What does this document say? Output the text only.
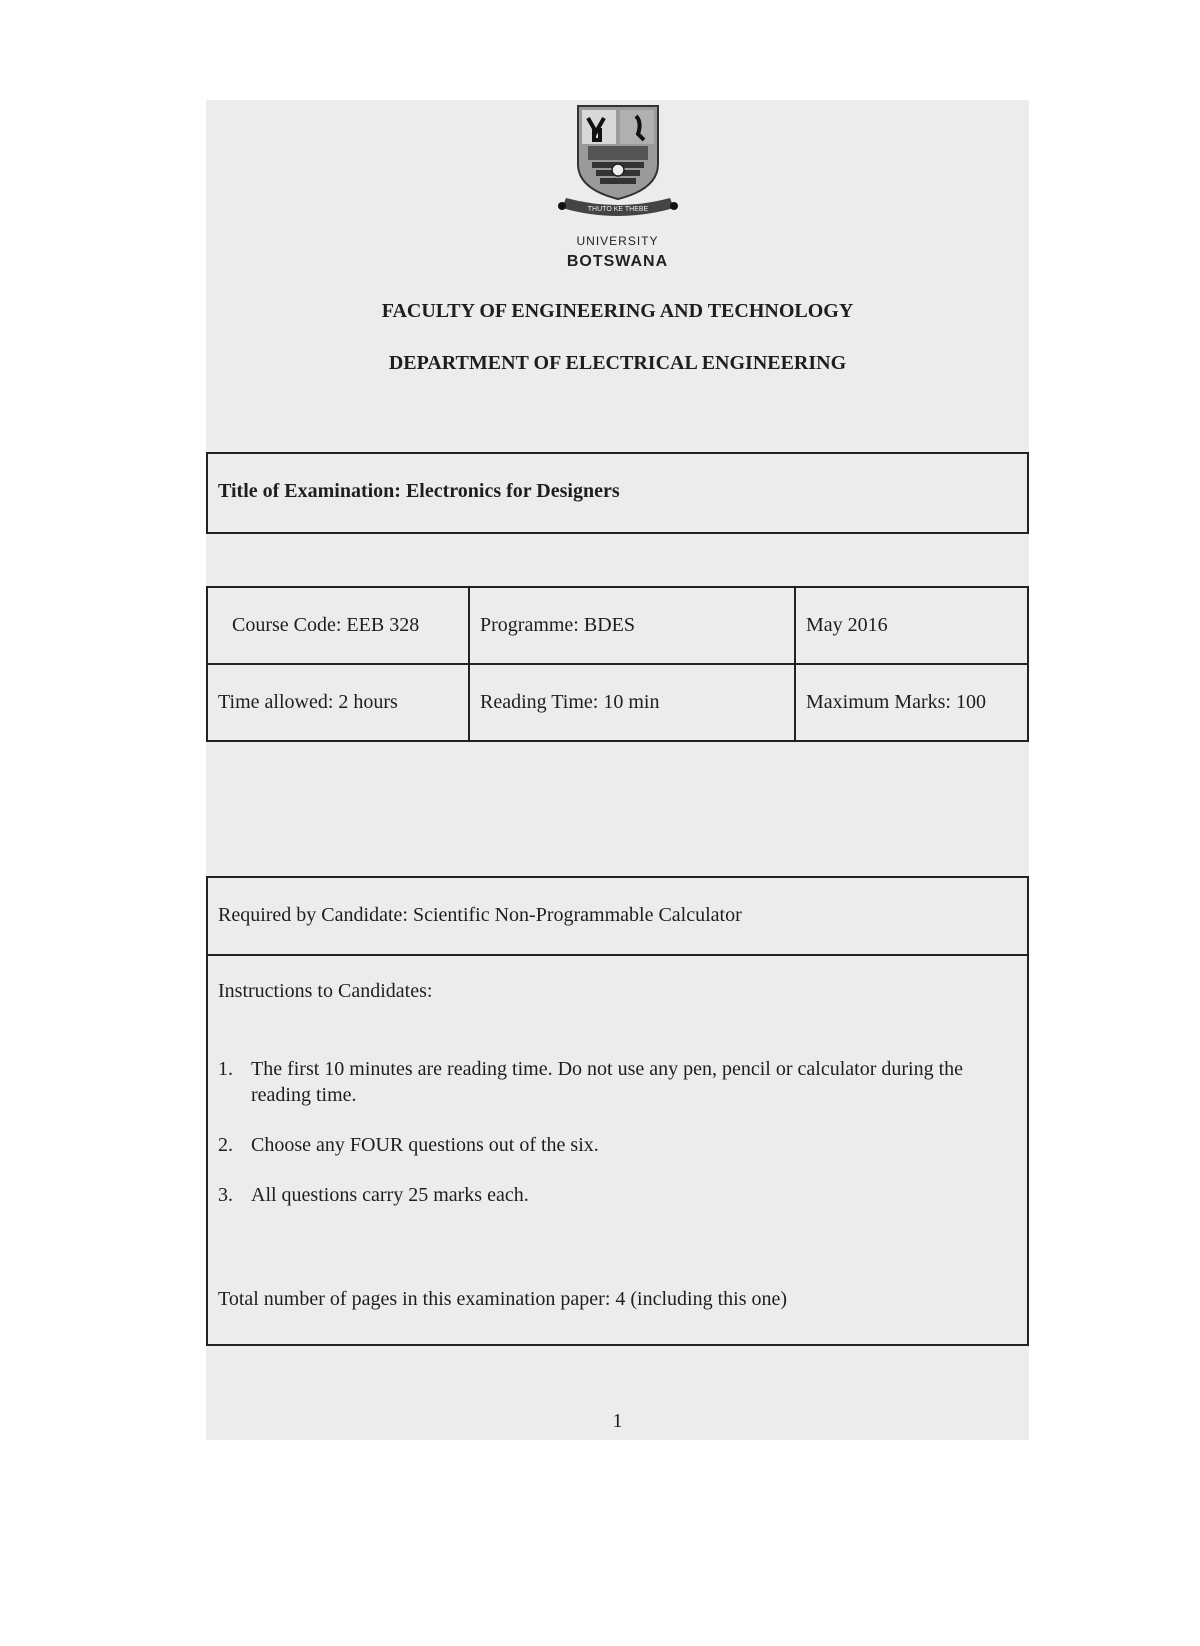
THUTO KE THEBE
UNIVERSITY
BOTSWANA
FACULTY OF ENGINEERING AND TECHNOLOGY
DEPARTMENT OF ELECTRICAL ENGINEERING
Title of Examination: Electronics for Designers
Course Code: EEB 328	Programme: BDES	May 2016
Time allowed: 2 hours	Reading Time: 10 min	Maximum Marks: 100
Required by Candidate: Scientific Non-Programmable Calculator
Instructions to Candidates:
1. The first 10 minutes are reading time. Do not use any pen, pencil or calculator during the reading time.
2. Choose any FOUR questions out of the six.
3. All questions carry 25 marks each.
Total number of pages in this examination paper: 4 (including this one)
1
